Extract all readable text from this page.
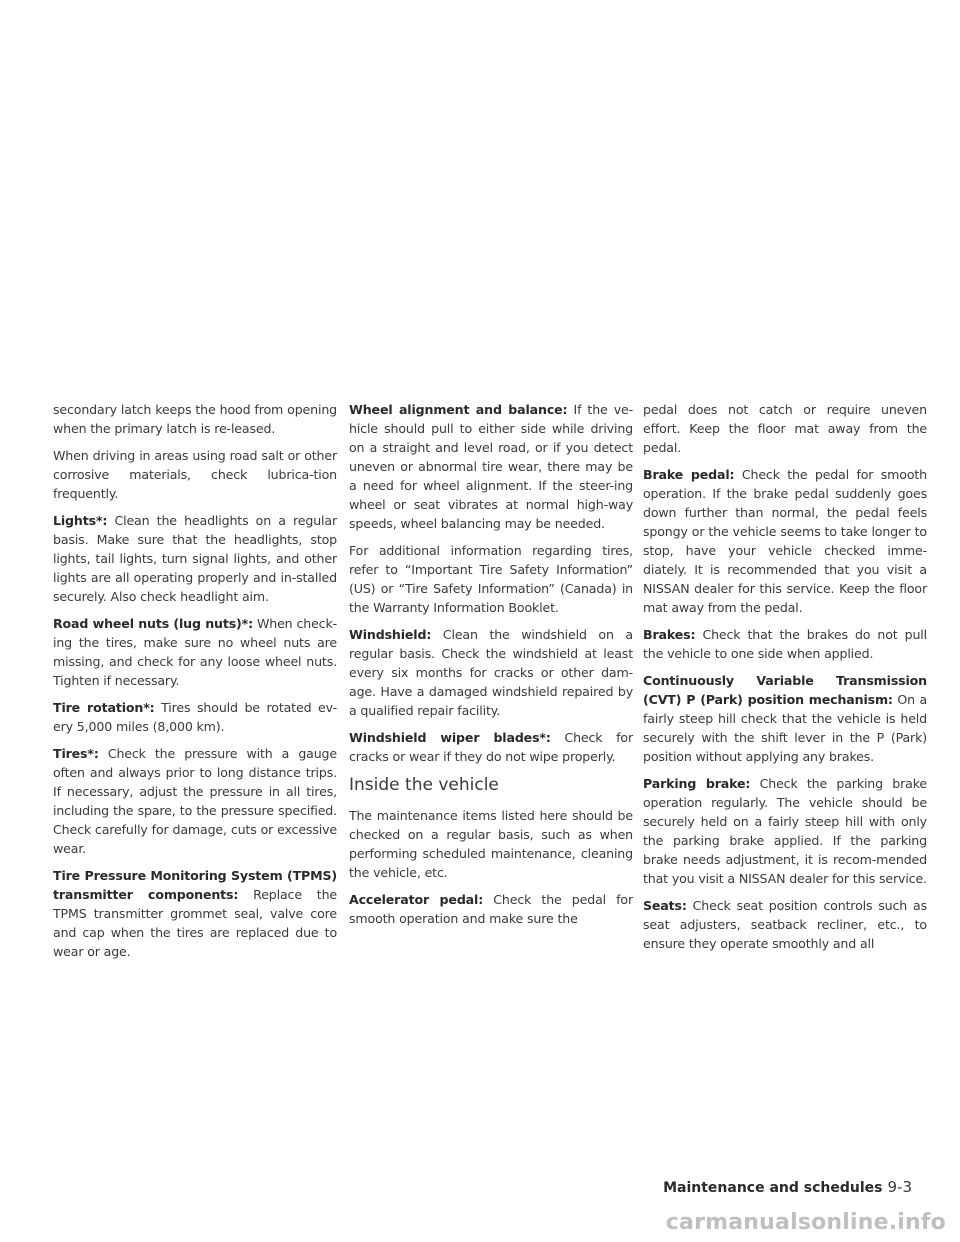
secondary latch keeps the hood from opening when the primary latch is re-leased.

When driving in areas using road salt or other corrosive materials, check lubrica-tion frequently.

Lights*: Clean the headlights on a regular basis. Make sure that the headlights, stop lights, tail lights, turn signal lights, and other lights are all operating properly and in-stalled securely. Also check headlight aim.

Road wheel nuts (lug nuts)*: When check-ing the tires, make sure no wheel nuts are missing, and check for any loose wheel nuts. Tighten if necessary.

Tire rotation*: Tires should be rotated ev-ery 5,000 miles (8,000 km).

Tires*: Check the pressure with a gauge often and always prior to long distance trips. If necessary, adjust the pressure in all tires, including the spare, to the pressure specified. Check carefully for damage, cuts or excessive wear.

Tire Pressure Monitoring System (TPMS) transmitter components: Replace the TPMS transmitter grommet seal, valve core and cap when the tires are replaced due to wear or age.

Wheel alignment and balance: If the ve-hicle should pull to either side while driving on a straight and level road, or if you detect uneven or abnormal tire wear, there may be a need for wheel alignment. If the steer-ing wheel or seat vibrates at normal high-way speeds, wheel balancing may be needed.

For additional information regarding tires, refer to “Important Tire Safety Information” (US) or “Tire Safety Information” (Canada) in the Warranty Information Booklet.

Windshield: Clean the windshield on a regular basis. Check the windshield at least every six months for cracks or other dam-age. Have a damaged windshield repaired by a qualified repair facility.

Windshield wiper blades*: Check for cracks or wear if they do not wipe properly.

Inside the vehicle

The maintenance items listed here should be checked on a regular basis, such as when performing scheduled maintenance, cleaning the vehicle, etc.

Accelerator pedal: Check the pedal for smooth operation and make sure the

pedal does not catch or require uneven effort. Keep the floor mat away from the pedal.

Brake pedal: Check the pedal for smooth operation. If the brake pedal suddenly goes down further than normal, the pedal feels spongy or the vehicle seems to take longer to stop, have your vehicle checked imme-diately. It is recommended that you visit a NISSAN dealer for this service. Keep the floor mat away from the pedal.

Brakes: Check that the brakes do not pull the vehicle to one side when applied.

Continuously Variable Transmission (CVT) P (Park) position mechanism: On a fairly steep hill check that the vehicle is held securely with the shift lever in the P (Park) position without applying any brakes.

Parking brake: Check the parking brake operation regularly. The vehicle should be securely held on a fairly steep hill with only the parking brake applied. If the parking brake needs adjustment, it is recom-mended that you visit a NISSAN dealer for this service.

Seats: Check seat position controls such as seat adjusters, seatback recliner, etc., to ensure they operate smoothly and all

Maintenance and schedules 9-3
carmanualsonline.info
